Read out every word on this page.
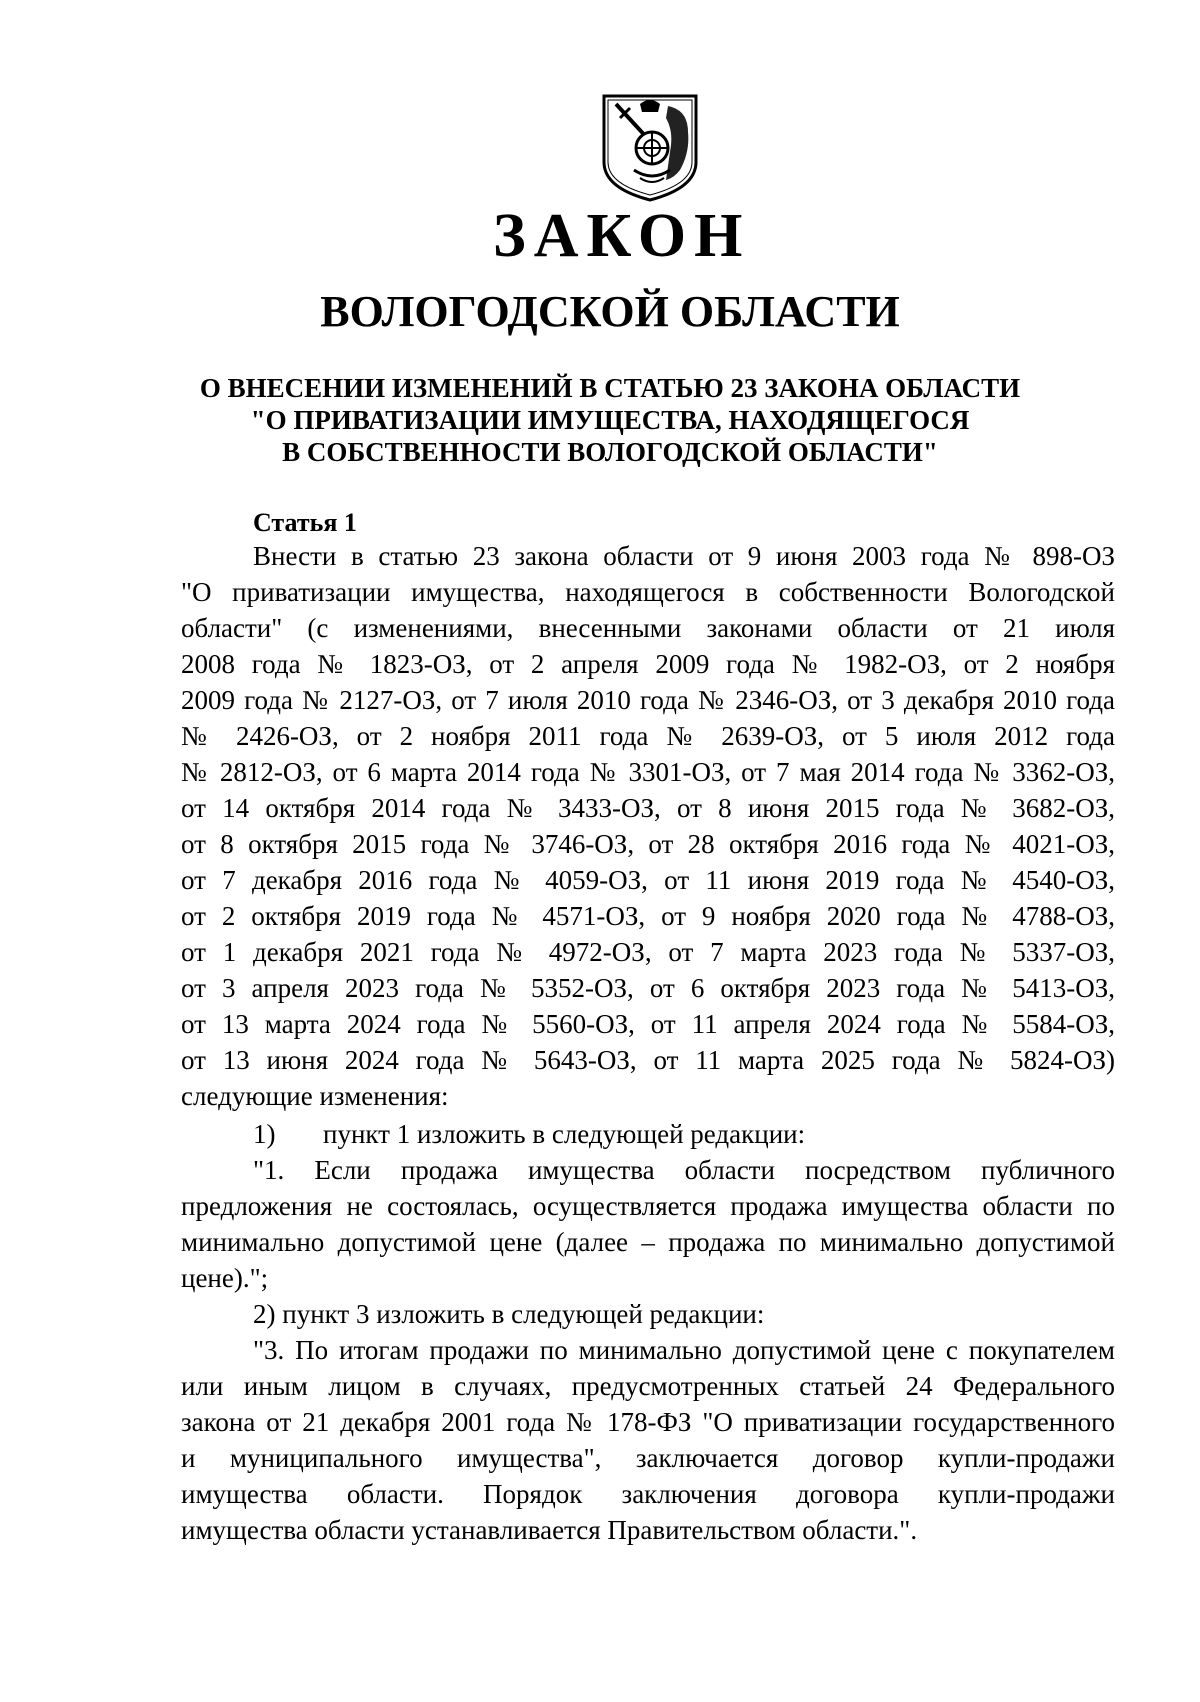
ЗАКОН
ВОЛОГОДСКОЙ ОБЛАСТИ
О ВНЕСЕНИИ ИЗМЕНЕНИЙ В СТАТЬЮ 23 ЗАКОНА ОБЛАСТИ
"О ПРИВАТИЗАЦИИ ИМУЩЕСТВА, НАХОДЯЩЕГОСЯ
В СОБСТВЕННОСТИ ВОЛОГОДСКОЙ ОБЛАСТИ"
Статья 1
Внести в статью 23 закона области от 9 июня 2003 года № 898-ОЗ
"О приватизации имущества, находящегося в собственности Вологодской
области" (с изменениями, внесенными законами области от 21 июля
2008 года № 1823-ОЗ, от 2 апреля 2009 года № 1982-ОЗ, от 2 ноября
2009 года № 2127-ОЗ, от 7 июля 2010 года № 2346-ОЗ, от 3 декабря 2010 года
№ 2426-ОЗ, от 2 ноября 2011 года № 2639-ОЗ, от 5 июля 2012 года
№ 2812-ОЗ, от 6 марта 2014 года № 3301-ОЗ, от 7 мая 2014 года № 3362-ОЗ,
от 14 октября 2014 года № 3433-ОЗ, от 8 июня 2015 года № 3682-ОЗ,
от 8 октября 2015 года № 3746-ОЗ, от 28 октября 2016 года № 4021-ОЗ,
от 7 декабря 2016 года № 4059-ОЗ, от 11 июня 2019 года № 4540-ОЗ,
от 2 октября 2019 года № 4571-ОЗ, от 9 ноября 2020 года № 4788-ОЗ,
от 1 декабря 2021 года № 4972-ОЗ, от 7 марта 2023 года № 5337-ОЗ,
от 3 апреля 2023 года № 5352-ОЗ, от 6 октября 2023 года № 5413-ОЗ,
от 13 марта 2024 года № 5560-ОЗ, от 11 апреля 2024 года № 5584-ОЗ,
от 13 июня 2024 года № 5643-ОЗ, от 11 марта 2025 года № 5824-ОЗ)
следующие изменения:
1) пункт 1 изложить в следующей редакции:
"1. Если продажа имущества области посредством публичного
предложения не состоялась, осуществляется продажа имущества области по
минимально допустимой цене (далее – продажа по минимально допустимой
цене).";
2) пункт 3 изложить в следующей редакции:
"3. По итогам продажи по минимально допустимой цене с покупателем
или иным лицом в случаях, предусмотренных статьей 24 Федерального
закона от 21 декабря 2001 года № 178-ФЗ "О приватизации государственного
и муниципального имущества", заключается договор купли-продажи
имущества области. Порядок заключения договора купли-продажи
имущества области устанавливается Правительством области.".
